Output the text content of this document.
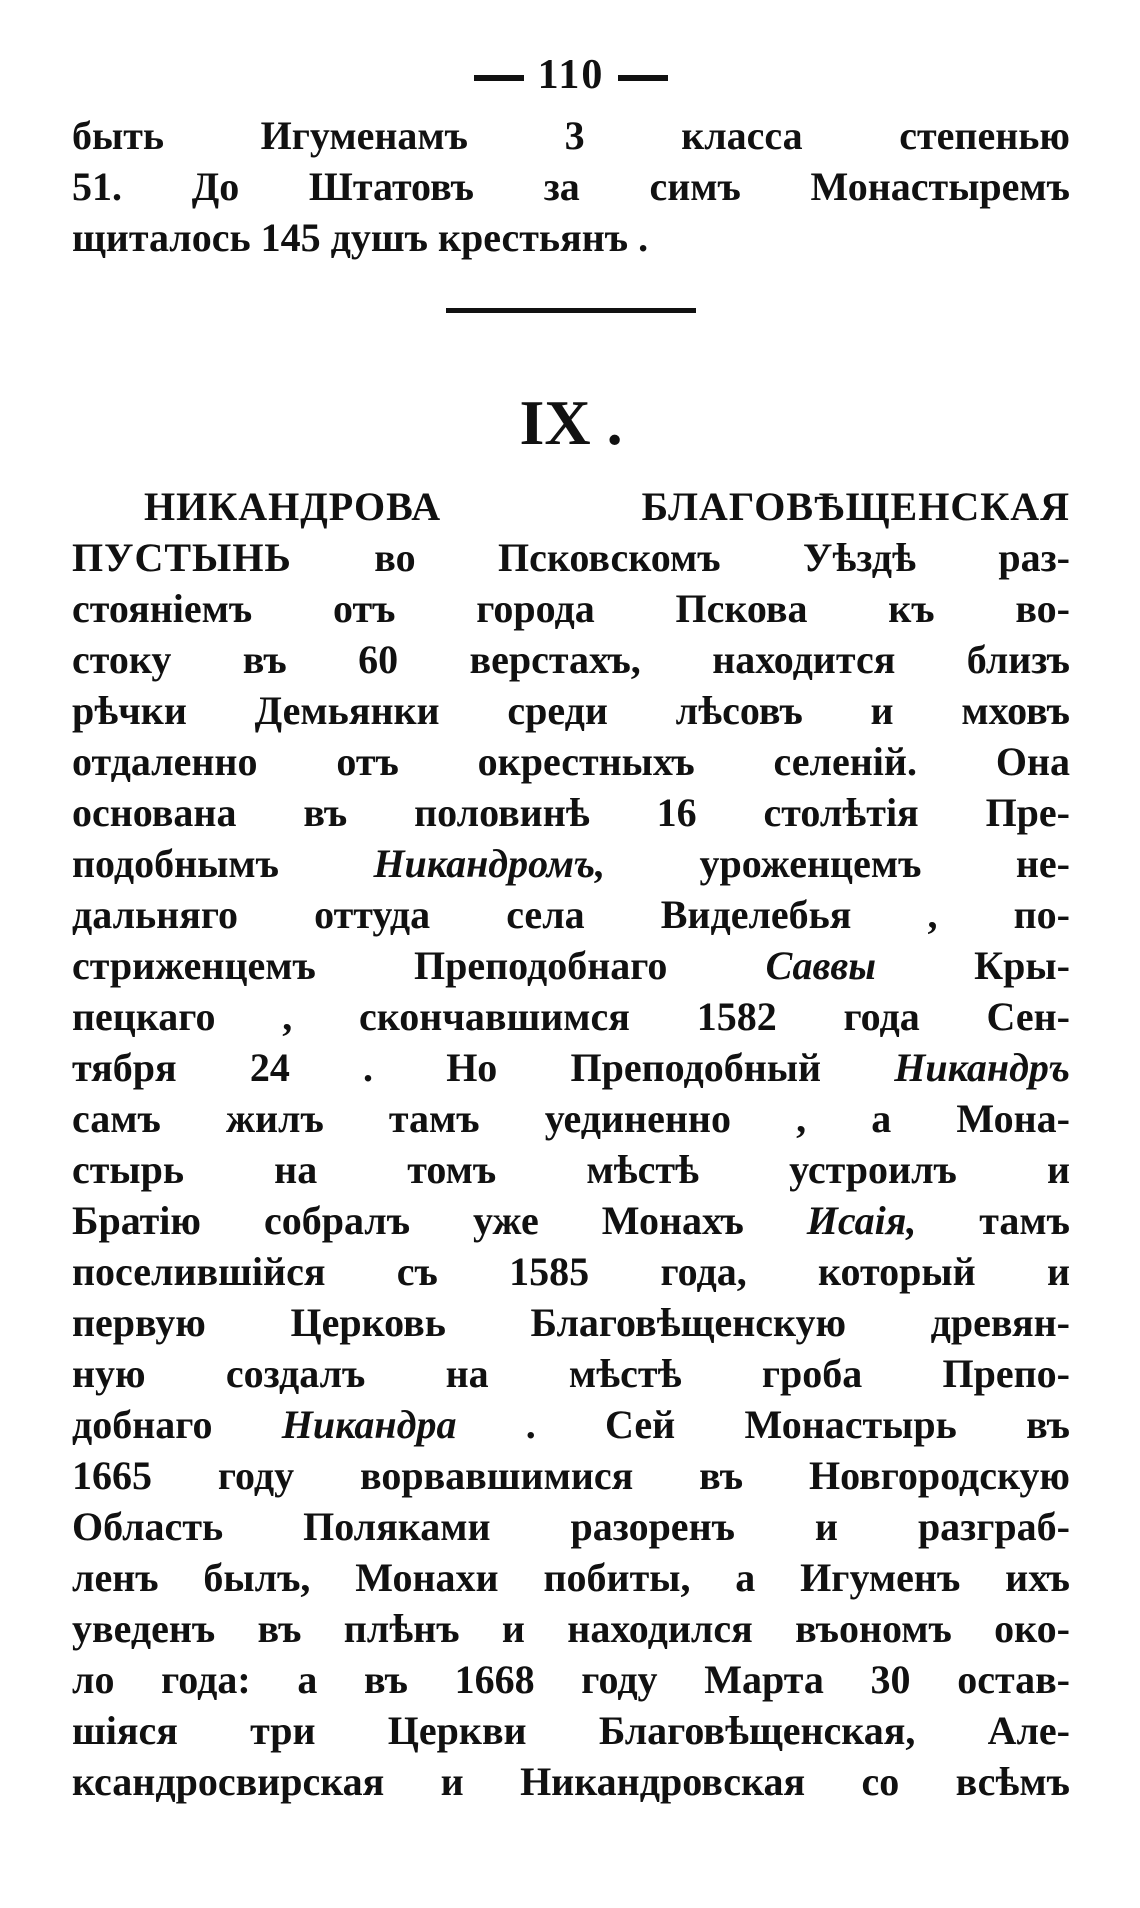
110
быть Игуменамъ 3 класса степенью
51. До Штатовъ за симъ Монастыремъ
щиталось 145 душъ крестьянъ .
IX .
НИКАНДРОВА БЛАГОВѢЩЕНСКАЯ
ПУСТЫНЬ во Псковскомъ Уѣздѣ раз-
стояніемъ отъ города Пскова къ во-
стоку въ 60 верстахъ, находится близъ
рѣчки Демьянки среди лѣсовъ и мховъ
отдаленно отъ окрестныхъ селеній. Она
основана въ половинѣ 16 столѣтія Пре-
подобнымъ Никандромъ, уроженцемъ не-
дальняго оттуда села Виделебья , по-
стриженцемъ Преподобнаго Саввы Кры-
пецкаго , скончавшимся 1582 года Сен-
тября 24 . Но Преподобный Никандръ
самъ жилъ тамъ уединенно , а Мона-
стырь на томъ мѣстѣ устроилъ и
Братію собралъ уже Монахъ Исаія, тамъ
поселившійся съ 1585 года, который и
первую Церковь Благовѣщенскую древян-
ную создалъ на мѣстѣ гроба Препо-
добнаго Никандра . Сей Монастырь въ
1665 году ворвавшимися въ Новгородскую
Область Поляками разоренъ и разграб-
ленъ былъ, Монахи побиты, а Игуменъ ихъ
уведенъ въ плѣнъ и находился въономъ око-
ло года: а въ 1668 году Марта 30 остав-
шіяся три Церкви Благовѣщенская, Але-
ксандросвирская и Никандровская со всѣмъ
